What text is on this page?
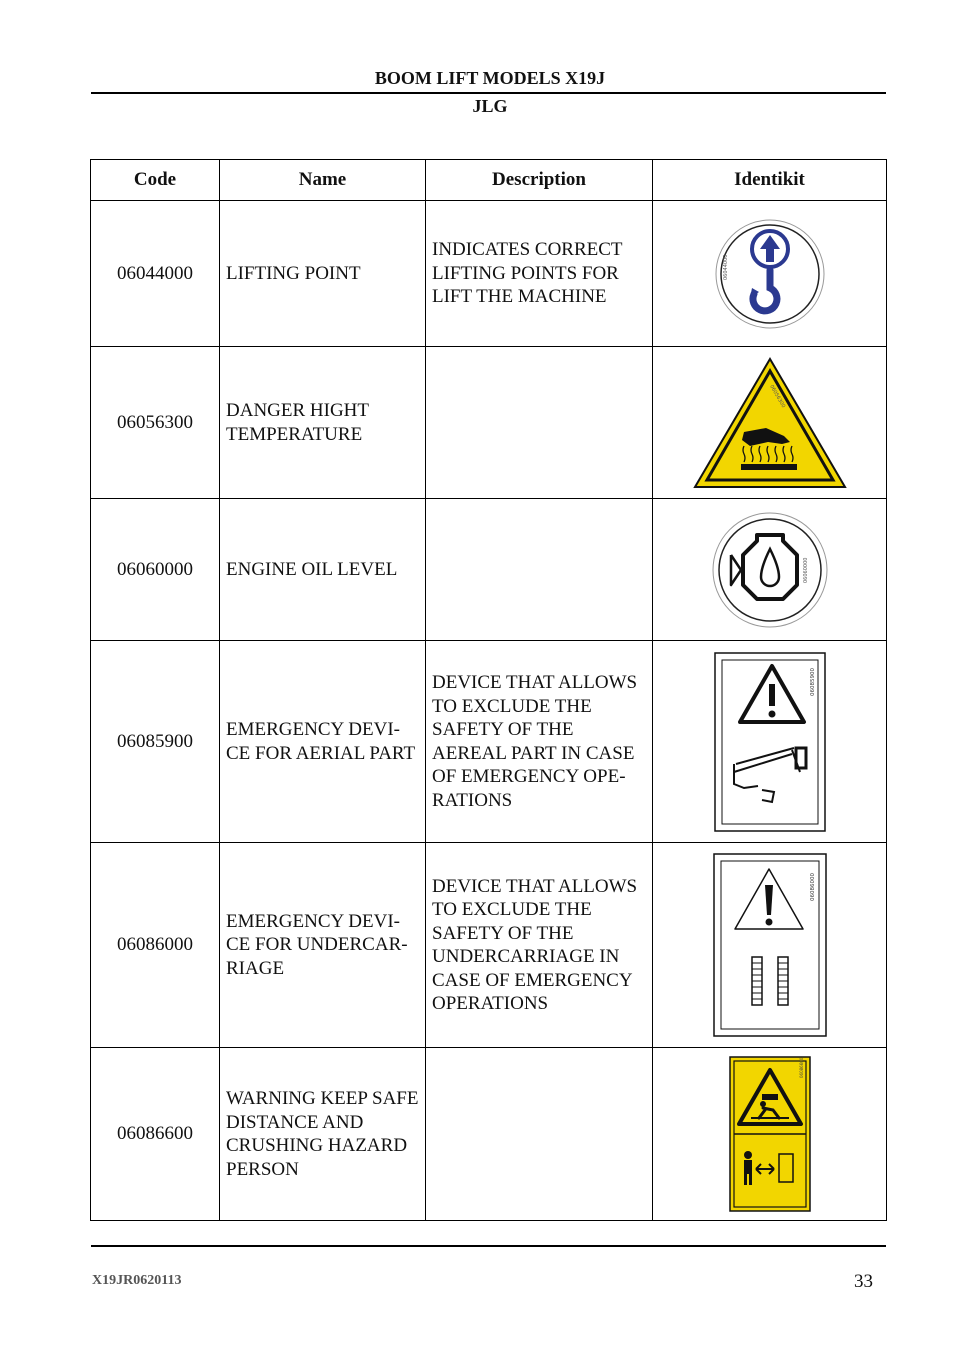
BOOM LIFT MODELS X19J
JLG
Code	Name	Description	Identikit
06044000	LIFTING POINT	INDICATES CORRECT LIFTING POINTS FOR LIFT THE MACHINE	06044000

06056300	DANGER HIGHT TEMPERATURE		06056300

06060000	ENGINE OIL LEVEL		06060000

06085900	EMERGENCY DEVI-CE FOR AERIAL PART	DEVICE THAT ALLOWS TO EXCLUDE THE SAFETY OF THE AEREAL PART IN CASE OF EMERGENCY OPE-RATIONS	06085900

06086000	EMERGENCY DEVI-CE FOR UNDERCAR-RIAGE	DEVICE THAT ALLOWS TO EXCLUDE THE SAFETY OF THE UNDERCARRIAGE IN CASE OF EMERGENCY OPERATIONS	06086000

06086600	WARNING KEEP SAFE DISTANCE AND CRUSHING HAZARD PERSON		06086600
X19JR0620113	33
